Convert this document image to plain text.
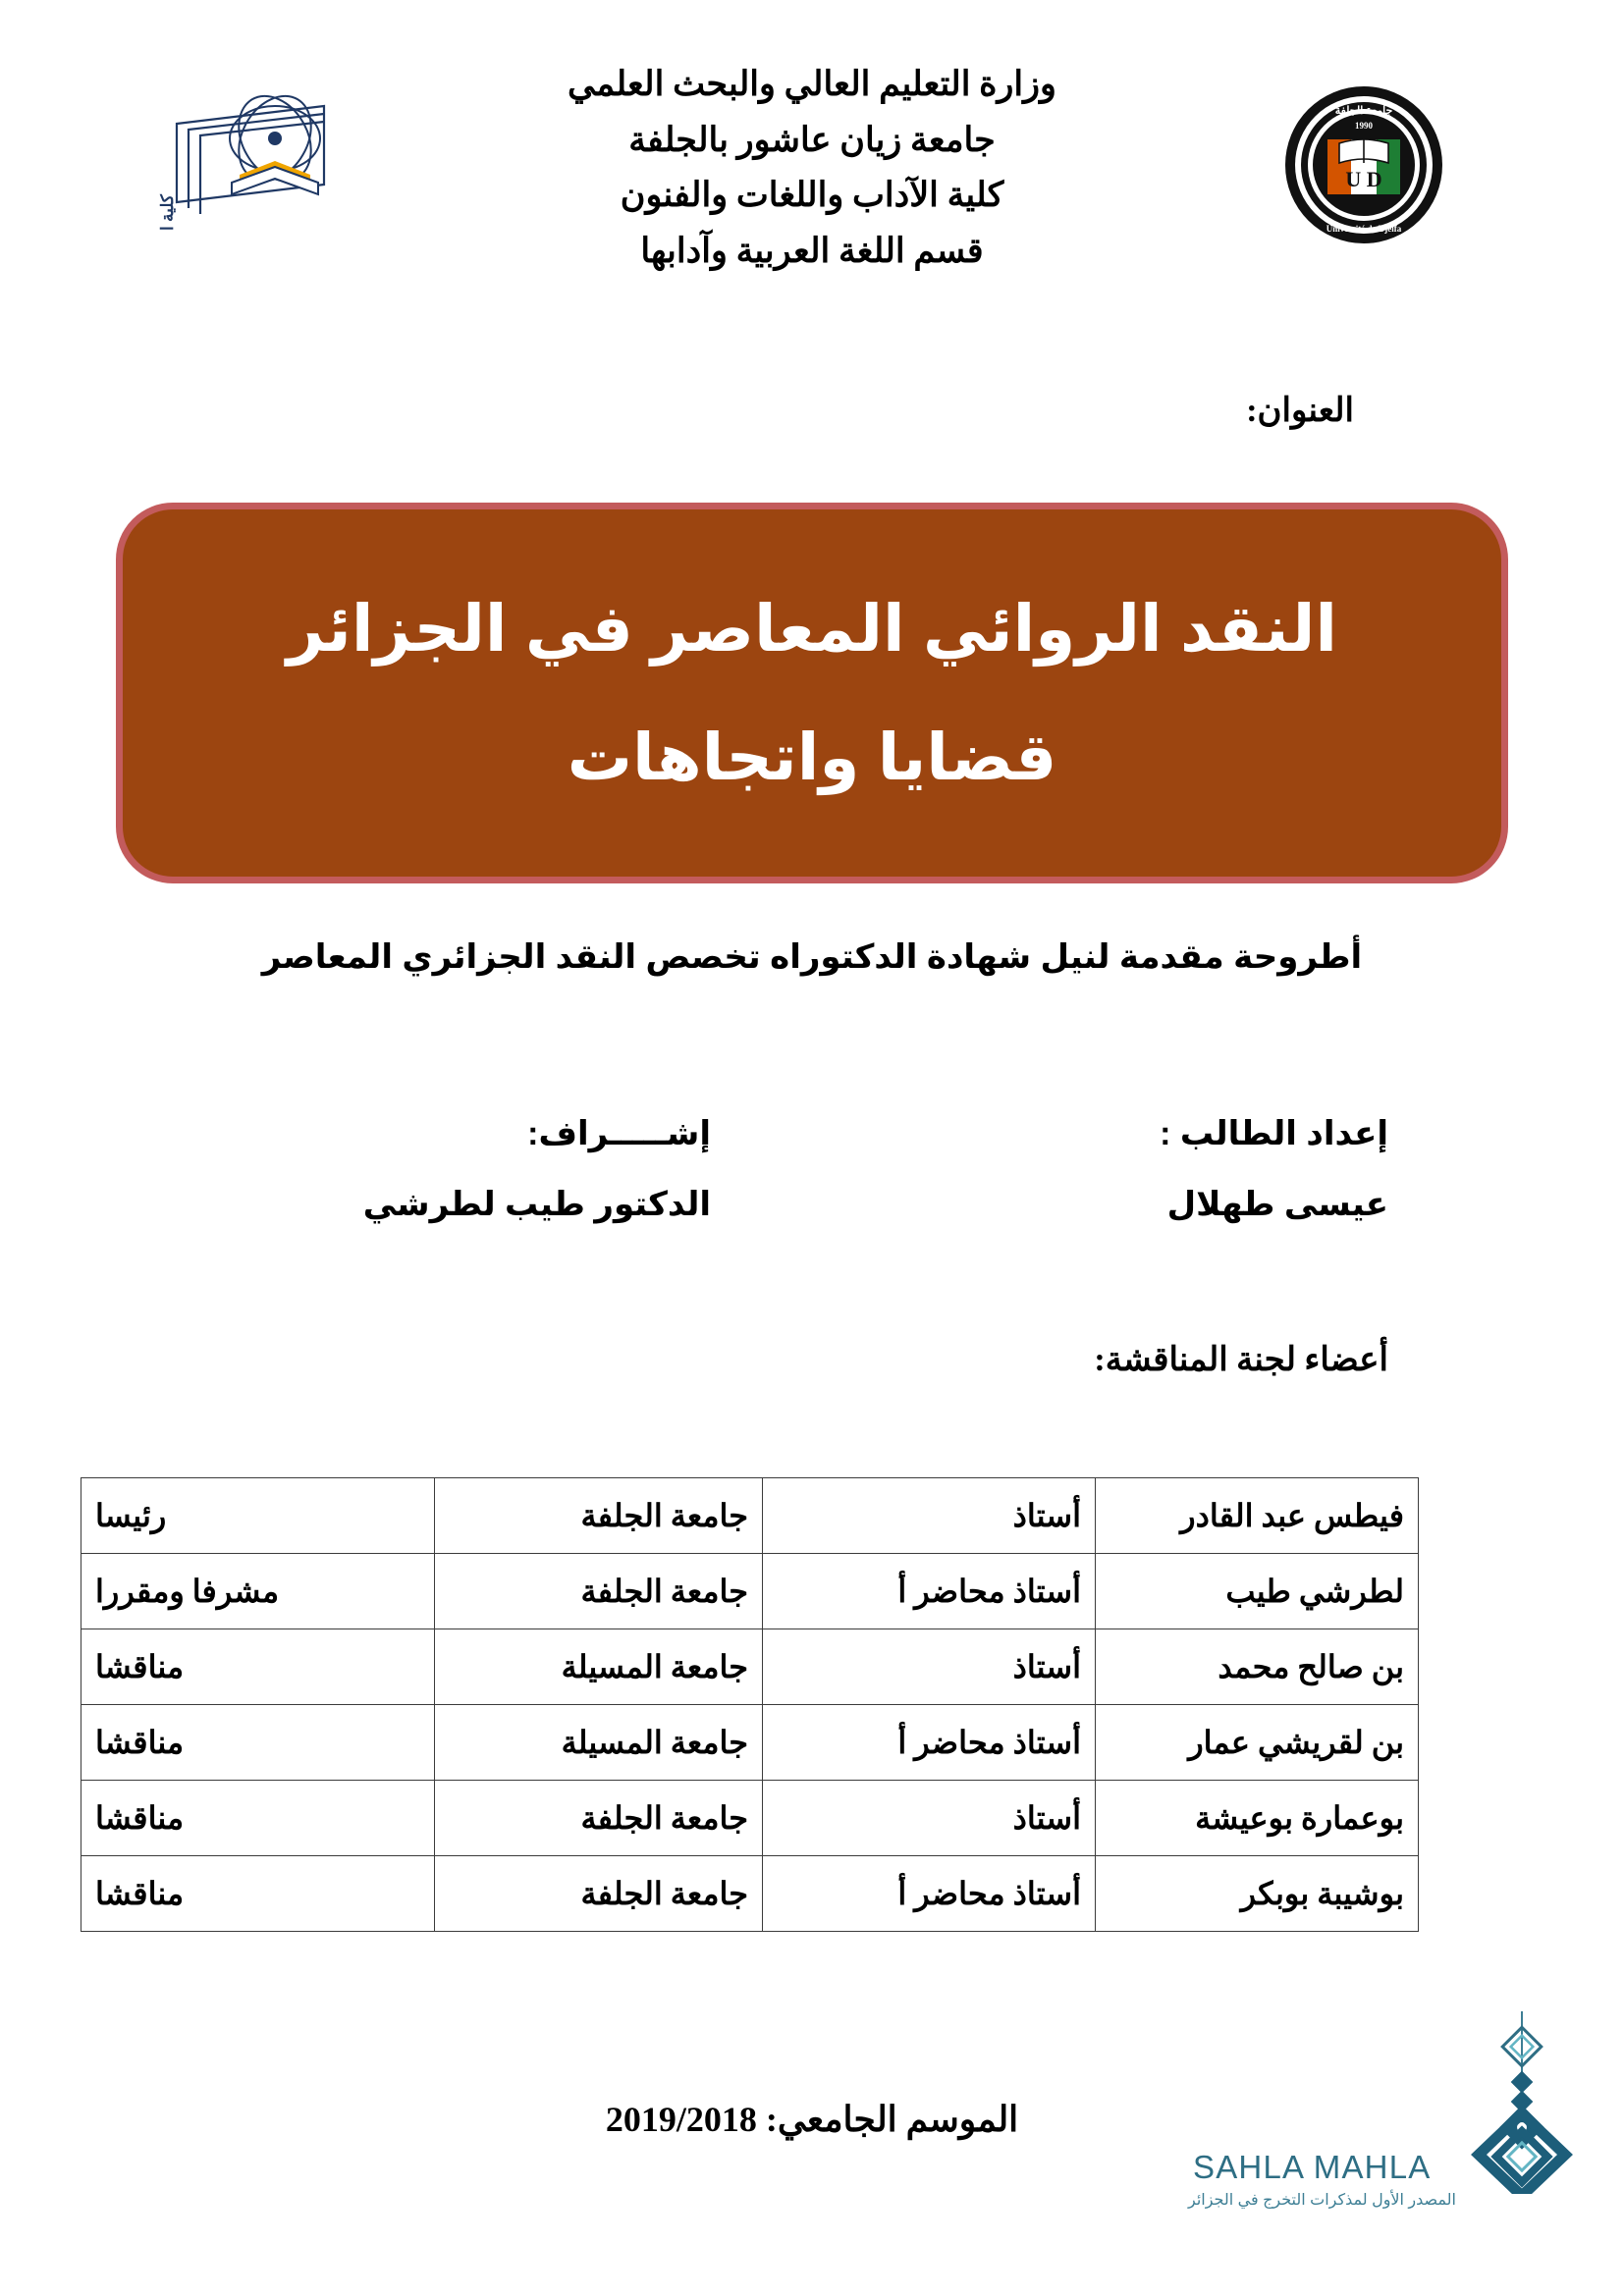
كلية الآداب
U D
جامعة الجلفة
1990
Université de Djelfa
وزارة التعليم العالي والبحث العلمي
جامعة زيان عاشور بالجلفة
كلية الآداب واللغات والفنون
قسم اللغة العربية وآدابها
العنوان:
النقد الروائي المعاصر في الجزائر
قضايا واتجاهات
أطروحة مقدمة لنيل شهادة الدكتوراه تخصص النقد الجزائري المعاصر
إعداد الطالب :
عيسى طهلال
إشـــــراف:
الدكتور طيب لطرشي
أعضاء لجنة المناقشة:
فيطس عبد القادر	أستاذ	جامعة الجلفة	رئيسا
لطرشي طيب	أستاذ محاضر أ	جامعة الجلفة	مشرفا ومقررا
بن صالح محمد	أستاذ	جامعة المسيلة	مناقشا
بن لقريشي عمار	أستاذ محاضر أ	جامعة المسيلة	مناقشا
بوعمارة بوعيشة	أستاذ	جامعة الجلفة	مناقشا
بوشيبة بوبكر	أستاذ محاضر أ	جامعة الجلفة	مناقشا
الموسم الجامعي: 2019/2018
SAHLA MAHLA
المصدر الأول لمذكرات التخرج في الجزائر
